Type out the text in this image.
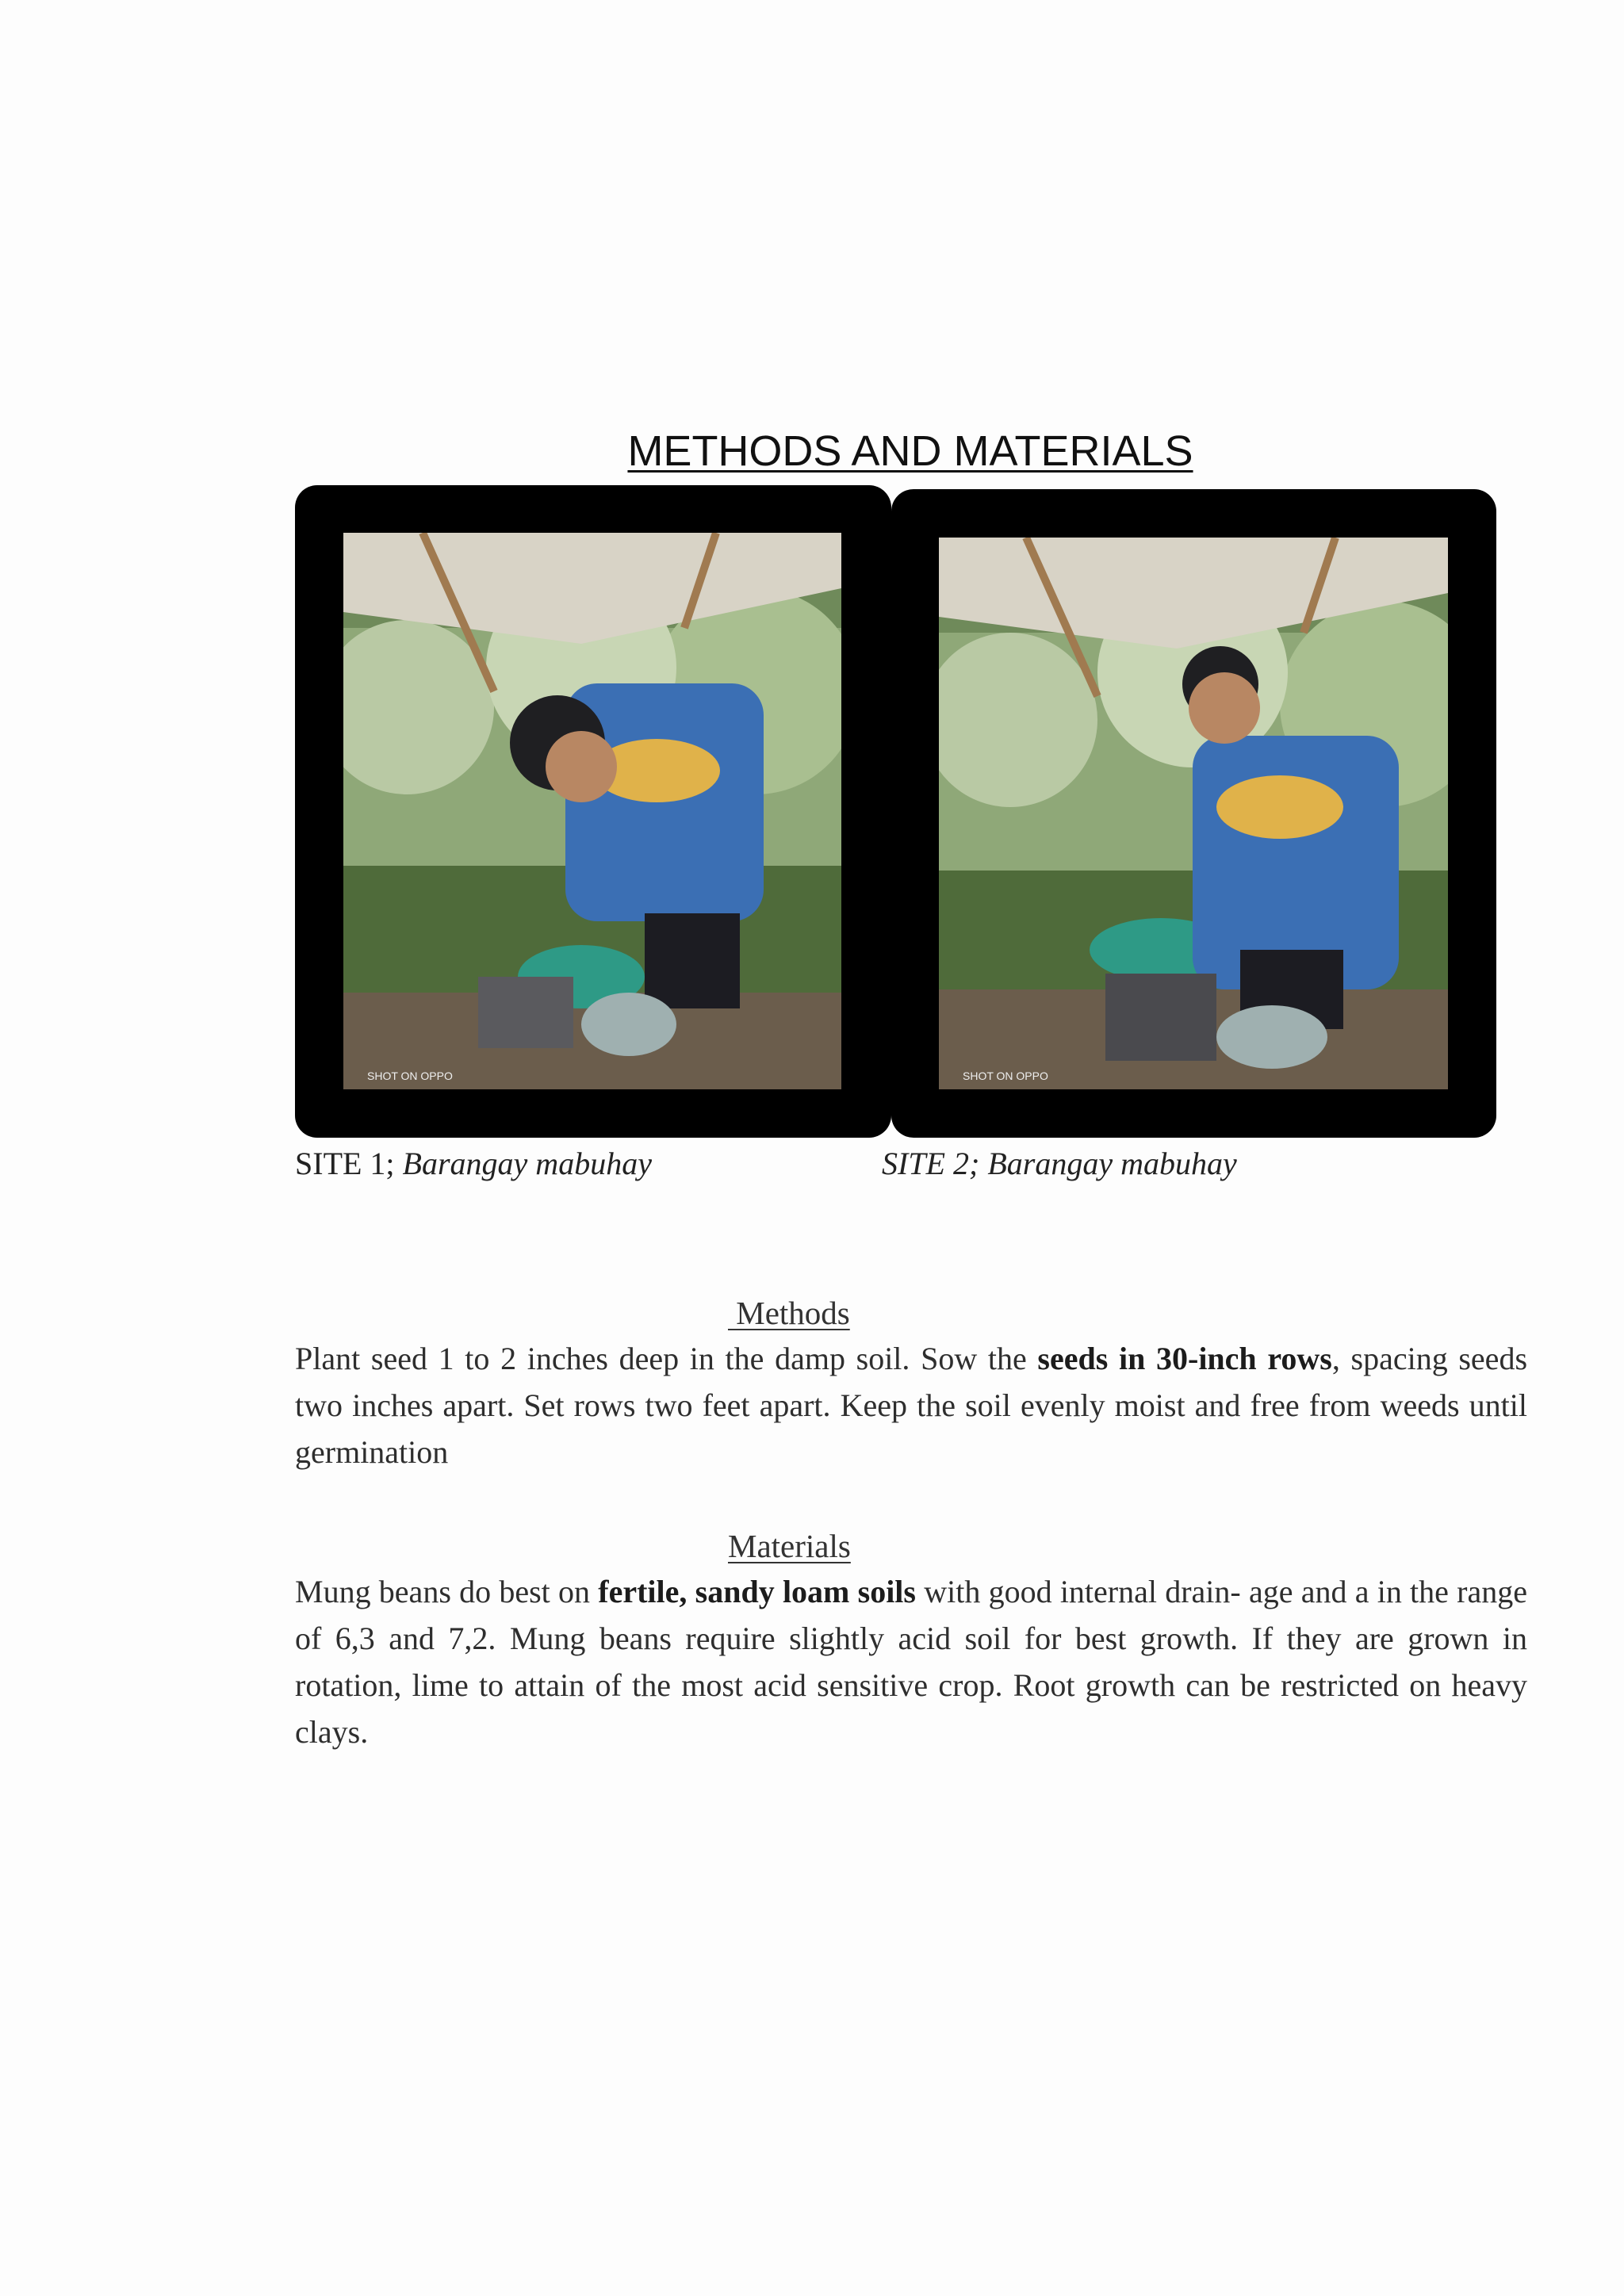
METHODS AND MATERIALS
SHOT ON OPPO	SHOT ON OPPO
SITE 1; Barangay mabuhay	SITE 2; Barangay mabuhay
Methods
Plant seed 1 to 2 inches deep in the damp soil. Sow the seeds in 30-inch rows, spacing seeds two inches apart. Set rows two feet apart. Keep the soil evenly moist and free from weeds until germination
Materials
Mung beans do best on fertile, sandy loam soils with good internal drain- age and a in the range of 6,3 and 7,2. Mung beans require slightly acid soil for best growth. If they are grown in rotation, lime to attain of the most acid sensitive crop. Root growth can be restricted on heavy clays.
